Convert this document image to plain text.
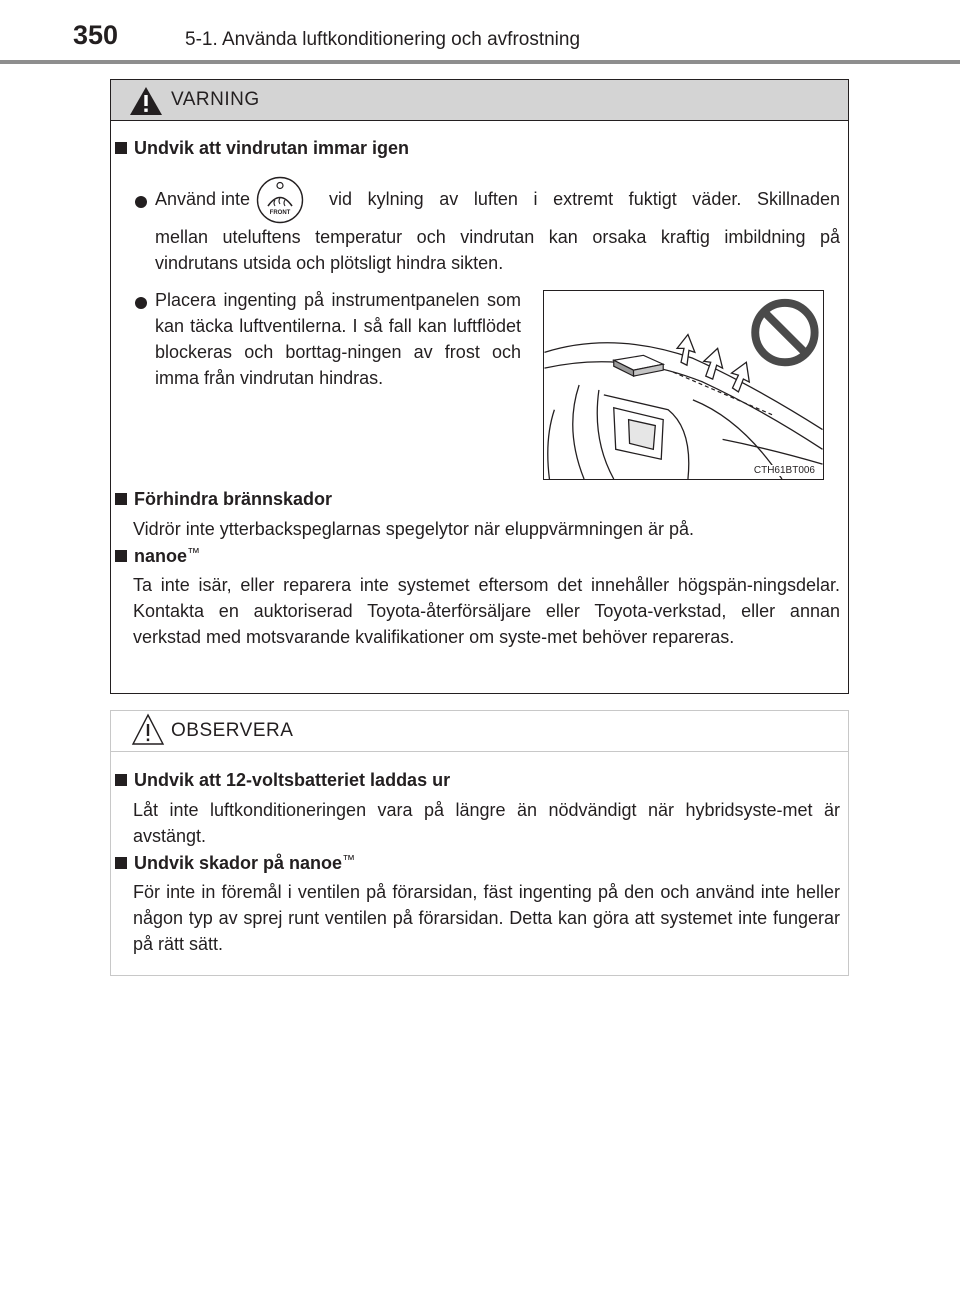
350	5-1. Använda luftkonditionering och avfrostning
VARNING
Undvik att vindrutan immar igen
Använd inte
FRONT
vid kylning av luften i extremt fuktigt väder. Skillnaden
mellan uteluftens temperatur och vindrutan kan orsaka kraftig imbildning på vindrutans utsida och plötsligt hindra sikten.
Placera ingenting på instrumentpanelen som kan täcka luftventilerna. I så fall kan luftflödet blockeras och borttag-ningen av frost och imma från vindrutan hindras.
CTH61BT006
Förhindra brännskador
Vidrör inte ytterbackspeglarnas spegelytor när eluppvärmningen är på.
nanoe™
Ta inte isär, eller reparera inte systemet eftersom det innehåller högspän-ningsdelar. Kontakta en auktoriserad Toyota-återförsäljare eller Toyota-verkstad, eller annan verkstad med motsvarande kvalifikationer om syste-met behöver repareras.
OBSERVERA
Undvik att 12-voltsbatteriet laddas ur
Låt inte luftkonditioneringen vara på längre än nödvändigt när hybridsyste-met är avstängt.
Undvik skador på nanoe™
För inte in föremål i ventilen på förarsidan, fäst ingenting på den och använd inte heller någon typ av sprej runt ventilen på förarsidan. Detta kan göra att systemet inte fungerar på rätt sätt.
